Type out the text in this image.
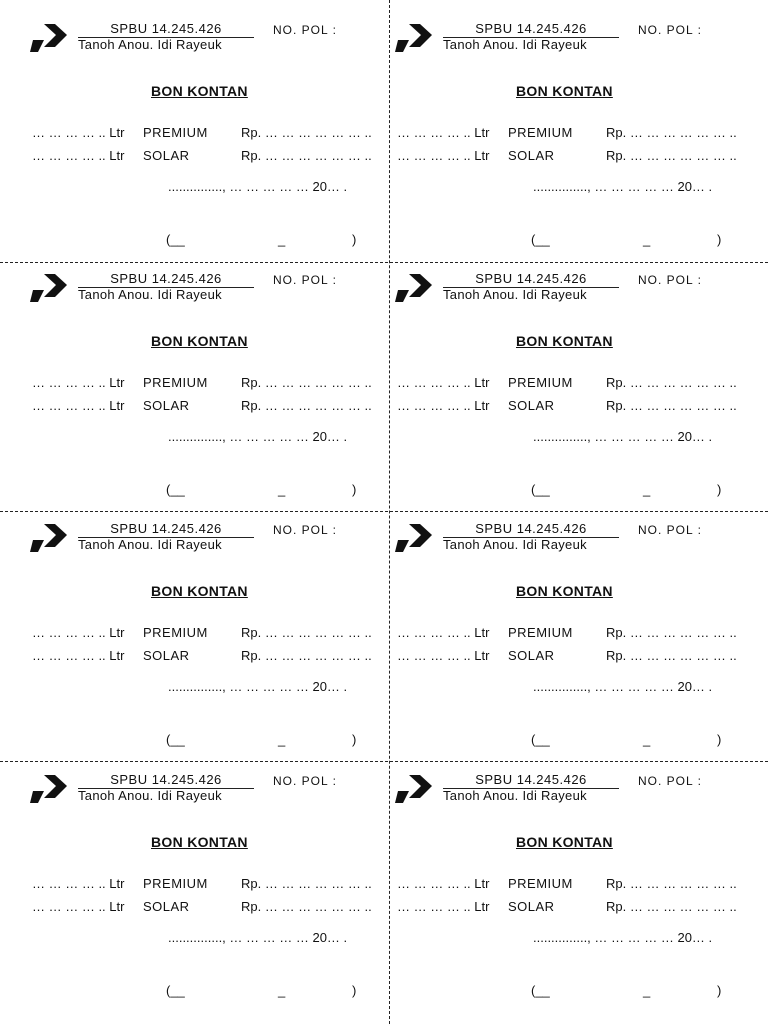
SPBU 14.245.426	NO. POL :
Tanoh Anou. Idi Rayeuk
BON KONTAN
… … … … .. Ltr PREMIUM	Rp. … … … … … … ..
… … … … .. Ltr SOLAR	Rp. … … … … … … ..
..............., … … … … … 20… .
(__	_	)
SPBU 14.245.426	NO. POL :
Tanoh Anou. Idi Rayeuk
BON KONTAN
… … … … .. Ltr PREMIUM	Rp. … … … … … … ..
… … … … .. Ltr SOLAR	Rp. … … … … … … ..
..............., … … … … … 20… .
(__	_	)
SPBU 14.245.426	NO. POL :
Tanoh Anou. Idi Rayeuk
BON KONTAN
… … … … .. Ltr PREMIUM	Rp. … … … … … … ..
… … … … .. Ltr SOLAR	Rp. … … … … … … ..
..............., … … … … … 20… .
(__	_	)
SPBU 14.245.426	NO. POL :
Tanoh Anou. Idi Rayeuk
BON KONTAN
… … … … .. Ltr PREMIUM	Rp. … … … … … … ..
… … … … .. Ltr SOLAR	Rp. … … … … … … ..
..............., … … … … … 20… .
(__	_	)
SPBU 14.245.426	NO. POL :
Tanoh Anou. Idi Rayeuk
BON KONTAN
… … … … .. Ltr PREMIUM	Rp. … … … … … … ..
… … … … .. Ltr SOLAR	Rp. … … … … … … ..
..............., … … … … … 20… .
(__	_	)
SPBU 14.245.426	NO. POL :
Tanoh Anou. Idi Rayeuk
BON KONTAN
… … … … .. Ltr PREMIUM	Rp. … … … … … … ..
… … … … .. Ltr SOLAR	Rp. … … … … … … ..
..............., … … … … … 20… .
(__	_	)
SPBU 14.245.426	NO. POL :
Tanoh Anou. Idi Rayeuk
BON KONTAN
… … … … .. Ltr PREMIUM	Rp. … … … … … … ..
… … … … .. Ltr SOLAR	Rp. … … … … … … ..
..............., … … … … … 20… .
(__	_	)
SPBU 14.245.426	NO. POL :
Tanoh Anou. Idi Rayeuk
BON KONTAN
… … … … .. Ltr PREMIUM	Rp. … … … … … … ..
… … … … .. Ltr SOLAR	Rp. … … … … … … ..
..............., … … … … … 20… .
(__	_	)
